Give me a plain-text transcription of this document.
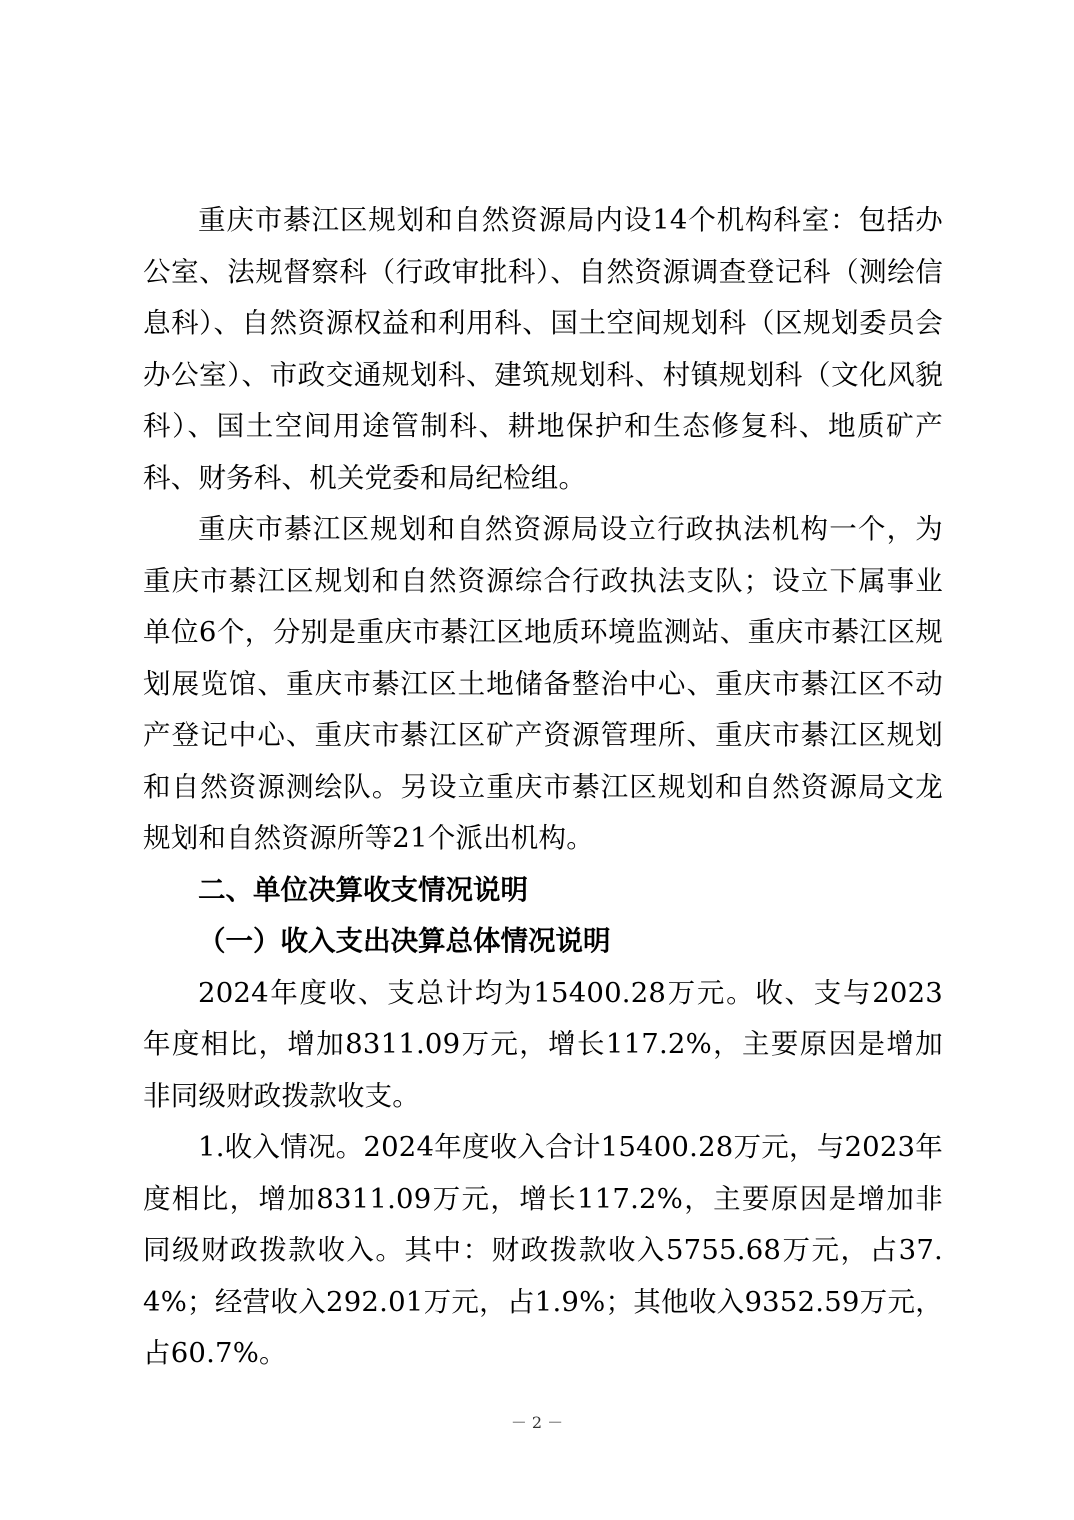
重庆市綦江区规划和自然资源局内设14个机构科室：包括办公室、法规督察科（行政审批科）、自然资源调查登记科（测绘信息科）、自然资源权益和利用科、国土空间规划科（区规划委员会办公室）、市政交通规划科、建筑规划科、村镇规划科（文化风貌科）、国土空间用途管制科、耕地保护和生态修复科、地质矿产科、财务科、机关党委和局纪检组。

重庆市綦江区规划和自然资源局设立行政执法机构一个，为重庆市綦江区规划和自然资源综合行政执法支队；设立下属事业单位6个，分别是重庆市綦江区地质环境监测站、重庆市綦江区规划展览馆、重庆市綦江区土地储备整治中心、重庆市綦江区不动产登记中心、重庆市綦江区矿产资源管理所、重庆市綦江区规划和自然资源测绘队。另设立重庆市綦江区规划和自然资源局文龙规划和自然资源所等21个派出机构。

二、单位决算收支情况说明

（一）收入支出决算总体情况说明

2024年度收、支总计均为15400.28万元。收、支与2023年度相比，增加8311.09万元，增长117.2%，主要原因是增加非同级财政拨款收支。

1.收入情况。2024年度收入合计15400.28万元，与2023年度相比，增加8311.09万元，增长117.2%，主要原因是增加非同级财政拨款收入。其中：财政拨款收入5755.68万元，占37.4%；经营收入292.01万元，占1.9%；其他收入9352.59万元，占60.7%。

－ 2 －
